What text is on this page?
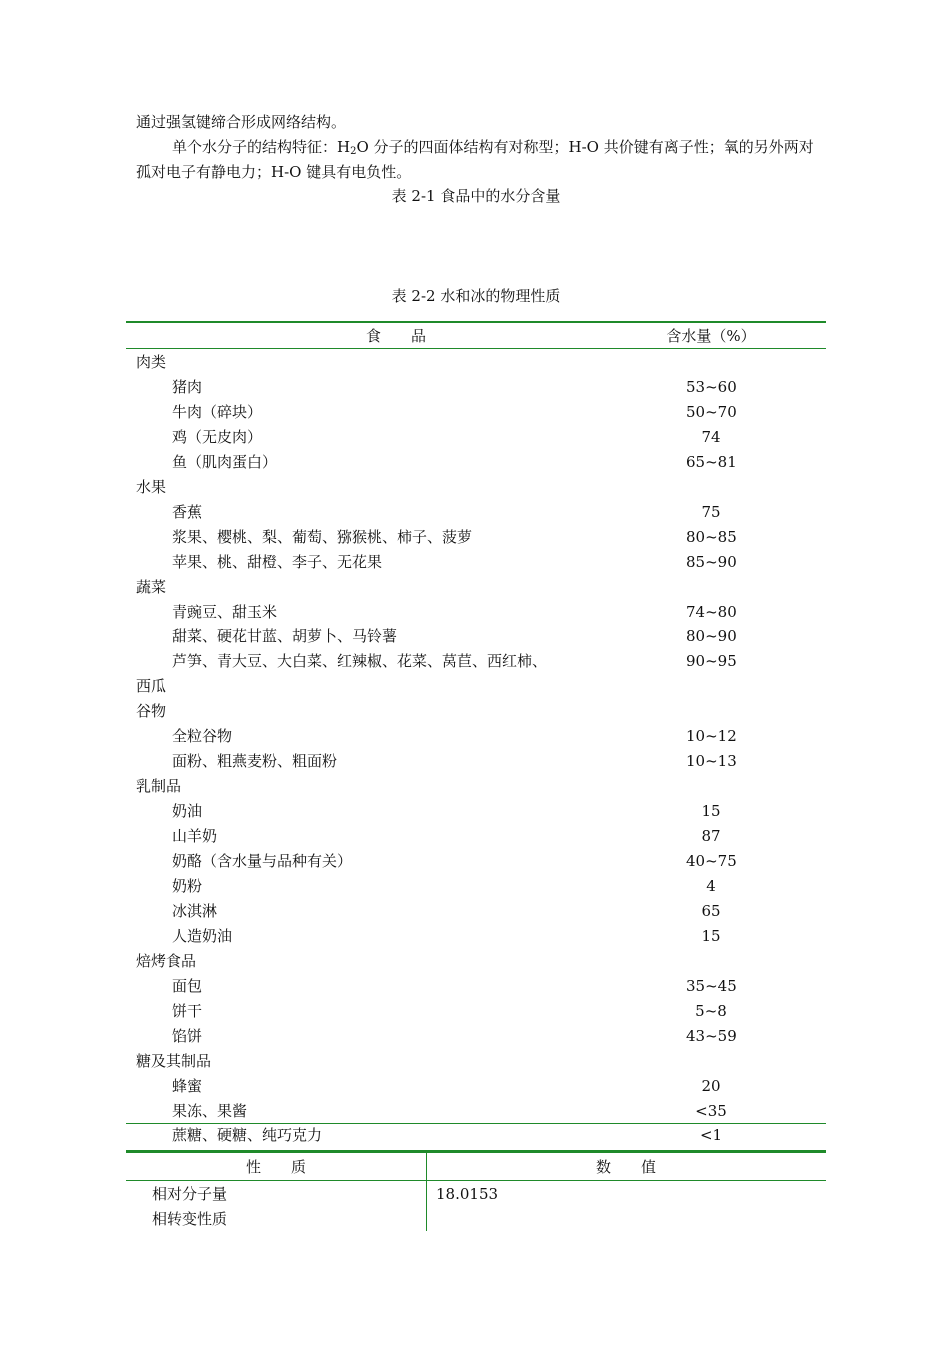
通过强氢键缔合形成网络结构。

单个水分子的结构特征：$H_2O$ 分子的四面体结构有对称型；H-O 共价键有离子性；氧的另外两对孤对电子有静电力；H-O 键具有电负性。

表 2-1 食品中的水分含量
表 2-2 水和冰的物理性质
食　　品	含水量（%）
肉类
猪肉	53~60
牛肉（碎块）	50~70
鸡（无皮肉）	74
鱼（肌肉蛋白）	65~81
水果
香蕉	75
浆果、樱桃、梨、葡萄、猕猴桃、柿子、菠萝	80~85
苹果、桃、甜橙、李子、无花果	85~90
蔬菜
青豌豆、甜玉米	74~80
甜菜、硬花甘蓝、胡萝卜、马铃薯	80~90
芦笋、青大豆、大白菜、红辣椒、花菜、莴苣、西红柿、	90~95
西瓜
谷物
全粒谷物	10~12
面粉、粗燕麦粉、粗面粉	10~13
乳制品
奶油	15
山羊奶	87
奶酪（含水量与品种有关）	40~75
奶粉	4
冰淇淋	65
人造奶油	15
焙烤食品
面包	35~45
饼干	5~8
馅饼	43~59
糖及其制品
蜂蜜	20
果冻、果酱	<35
蔗糖、硬糖、纯巧克力	<1
性　　质	数　　值
相对分子量	18.0153
相转变性质
